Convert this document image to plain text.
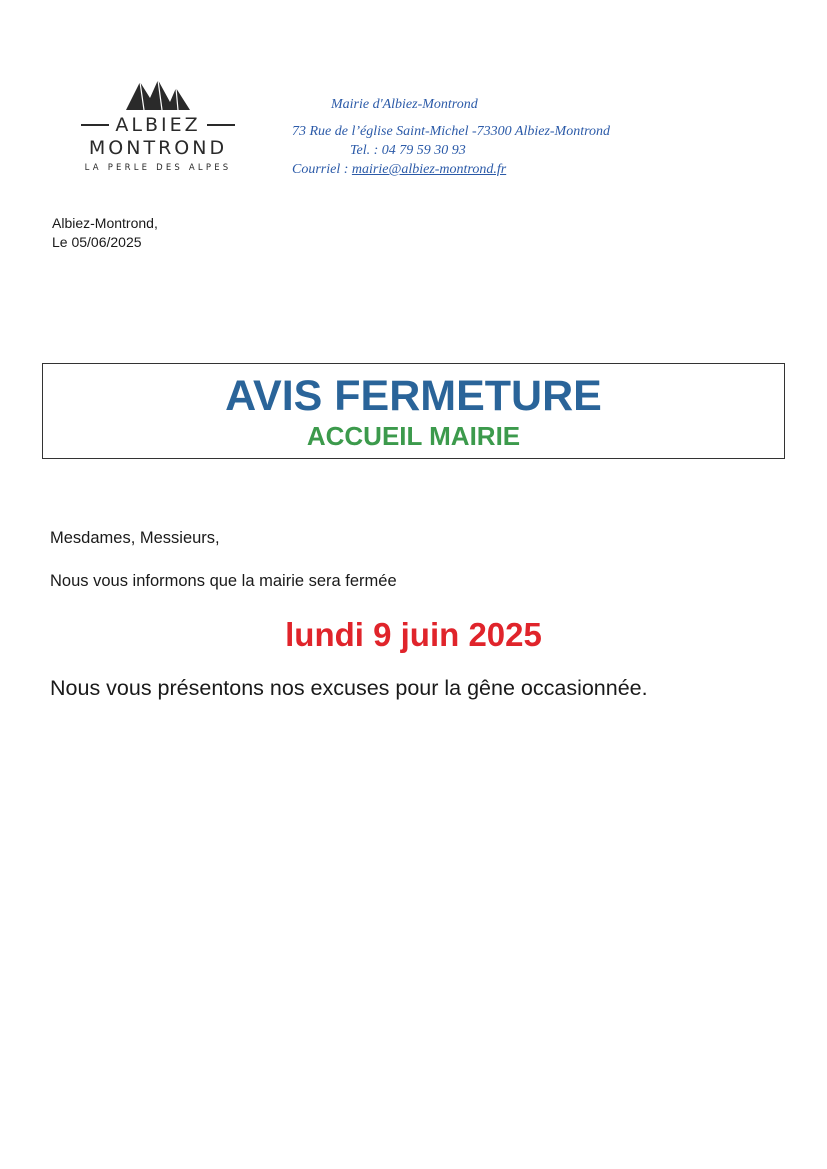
ALBIEZ
MONTROND
LA PERLE DES ALPES
Mairie d'Albiez-Montrond
73 Rue de l’église Saint-Michel -73300 Albiez-Montrond
Tel. : 04 79 59 30 93
Courriel : mairie@albiez-montrond.fr
Albiez-Montrond,
Le 05/06/2025
AVIS FERMETURE
ACCUEIL MAIRIE
Mesdames, Messieurs,
Nous vous informons que la mairie sera fermée
lundi 9 juin 2025
Nous vous présentons nos excuses pour la gêne occasionnée.
